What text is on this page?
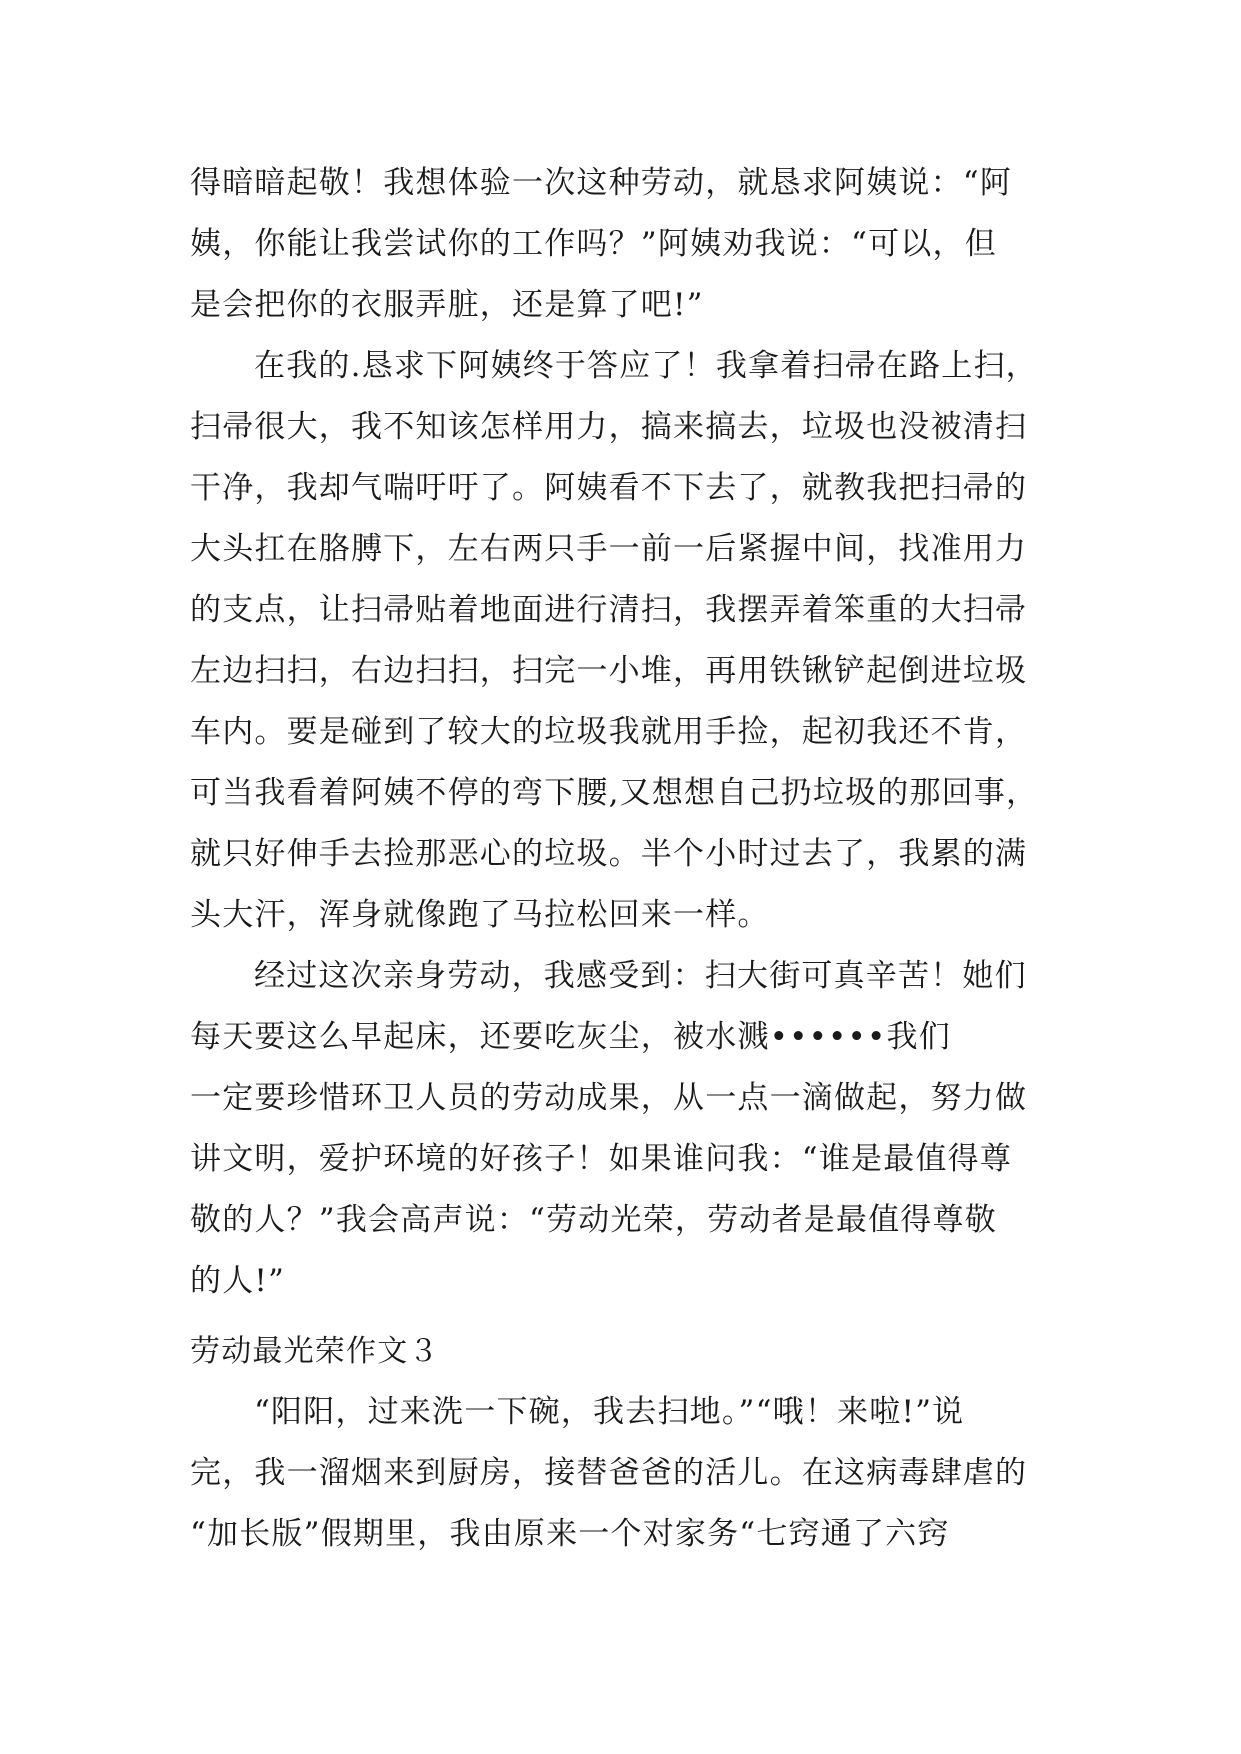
得暗暗起敬！我想体验一次这种劳动，就恳求阿姨说：“阿
姨，你能让我尝试你的工作吗？”阿姨劝我说：“可以，但
是会把你的衣服弄脏，还是算了吧!”

在我的.恳求下阿姨终于答应了！我拿着扫帚在路上扫，
扫帚很大，我不知该怎样用力，搞来搞去，垃圾也没被清扫
干净，我却气喘吁吁了。阿姨看不下去了，就教我把扫帚的
大头扛在胳膊下，左右两只手一前一后紧握中间，找准用力
的支点，让扫帚贴着地面进行清扫，我摆弄着笨重的大扫帚
左边扫扫，右边扫扫，扫完一小堆，再用铁锹铲起倒进垃圾
车内。要是碰到了较大的垃圾我就用手捡，起初我还不肯，
可当我看着阿姨不停的弯下腰,又想想自己扔垃圾的那回事，
就只好伸手去捡那恶心的垃圾。半个小时过去了，我累的满
头大汗，浑身就像跑了马拉松回来一样。

经过这次亲身劳动，我感受到：扫大街可真辛苦！她们
每天要这么早起床，还要吃灰尘，被水溅••••••我们
一定要珍惜环卫人员的劳动成果，从一点一滴做起，努力做
讲文明，爱护环境的好孩子！如果谁问我：“谁是最值得尊
敬的人？”我会高声说：“劳动光荣，劳动者是最值得尊敬
的人!”

劳动最光荣作文３

“阳阳，过来洗一下碗，我去扫地。”“哦！来啦!”说
完，我一溜烟来到厨房，接替爸爸的活儿。在这病毒肆虐的
“加长版”假期里，我由原来一个对家务“七窍通了六窍
